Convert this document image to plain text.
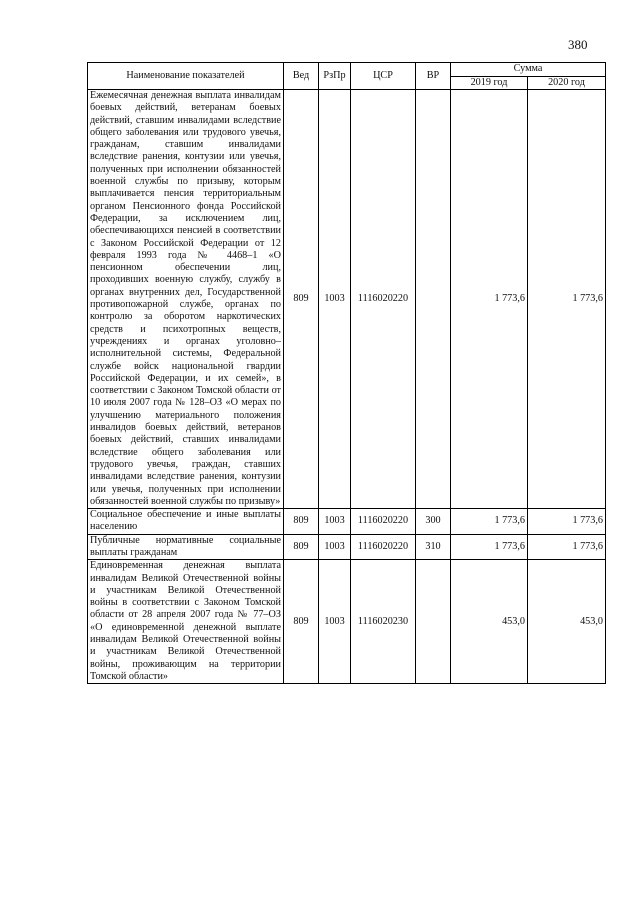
380
Наименование показателей	Вед	РзПр	ЦСР	ВР	Сумма	
					2019 год	2020 год
Ежемесячная денежная выплата инвалидам боевых действий, ветеранам боевых действий, ставшим инвалидами вследствие общего заболевания или трудового увечья, гражданам, ставшим инвалидами вследствие ранения, контузии или увечья, полученных при исполнении обязанностей военной службы по призыву, которым выплачивается пенсия территориальным органом Пенсионного фонда Российской Федерации, за исключением лиц, обеспечивающихся пенсией в соответствии с Законом Российской Федерации от 12 февраля 1993 года № 4468–1 «О пенсионном обеспечении лиц, проходивших военную службу, службу в органах внутренних дел, Государственной противопожарной службе, органах по контролю за оборотом наркотических средств и психотропных веществ, учреждениях и органах уголовно–исполнительной системы, Федеральной службе войск национальной гвардии Российской Федерации, и их семей», в соответствии с Законом Томской области от 10 июля 2007 года № 128–ОЗ «О мерах по улучшению материального положения инвалидов боевых действий, ветеранов боевых действий, ставших инвалидами вследствие общего заболевания или трудового увечья, граждан, ставших инвалидами вследствие ранения, контузии или увечья, полученных при исполнении обязанностей военной службы по призыву»	809	1003	1116020220		1 773,6	1 773,6
Социальное обеспечение и иные выплаты населению	809	1003	1116020220	300	1 773,6	1 773,6
Публичные нормативные социальные выплаты гражданам	809	1003	1116020220	310	1 773,6	1 773,6
Единовременная денежная выплата инвалидам Великой Отечественной войны и участникам Великой Отечественной войны в соответствии с Законом Томской области от 28 апреля 2007 года № 77–ОЗ «О единовременной денежной выплате инвалидам Великой Отечественной войны и участникам Великой Отечественной войны, проживающим на территории Томской области»	809	1003	1116020230		453,0	453,0
